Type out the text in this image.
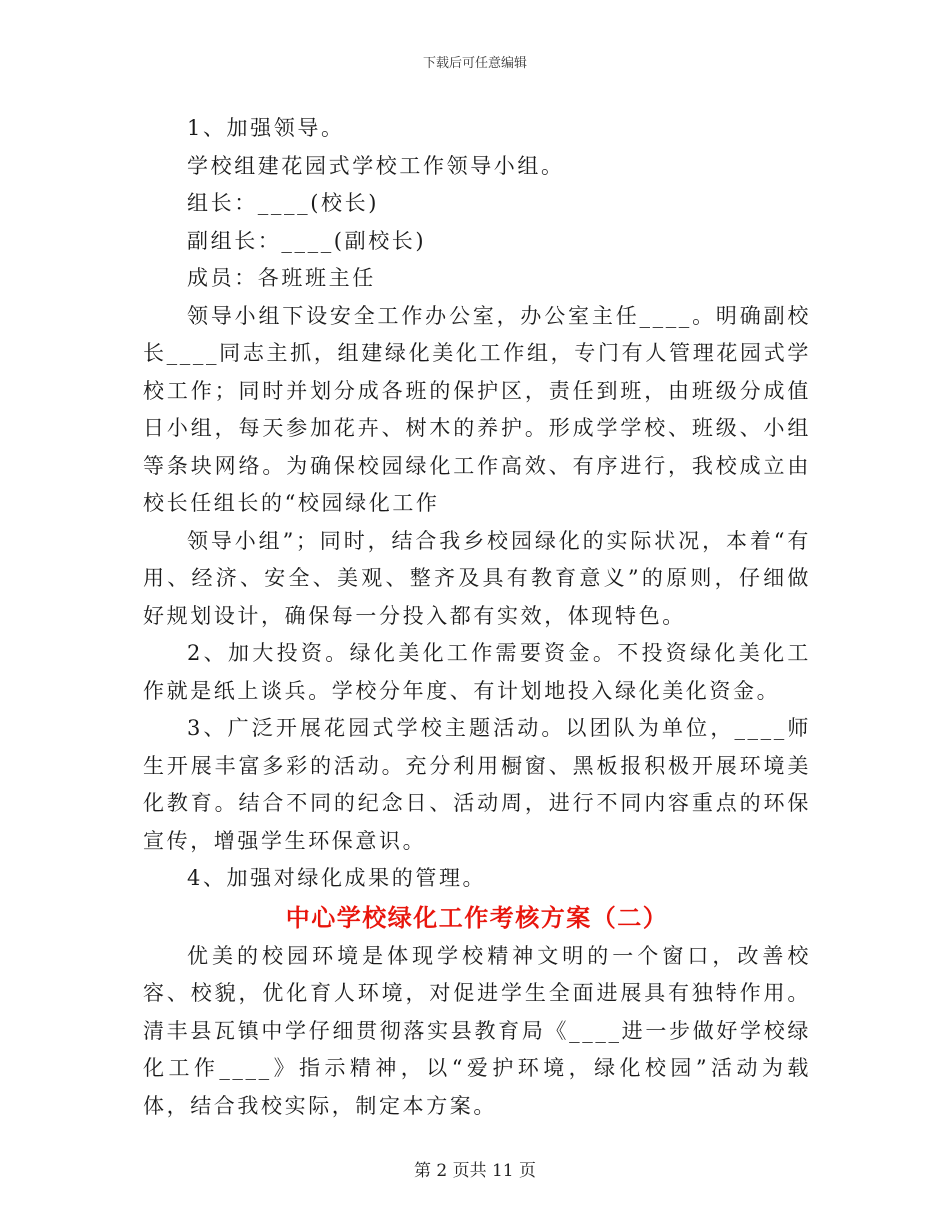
下载后可任意编辑

1、加强领导。

学校组建花园式学校工作领导小组。

组长：____(校长)

副组长：____(副校长)

成员：各班班主任

领导小组下设安全工作办公室，办公室主任____。明确副校长____同志主抓，组建绿化美化工作组，专门有人管理花园式学校工作；同时并划分成各班的保护区，责任到班，由班级分成值日小组，每天参加花卉、树木的养护。形成学学校、班级、小组等条块网络。为确保校园绿化工作高效、有序进行，我校成立由校长任组长的“校园绿化工作

领导小组”；同时，结合我乡校园绿化的实际状况，本着“有用、经济、安全、美观、整齐及具有教育意义”的原则，仔细做好规划设计，确保每一分投入都有实效，体现特色。

2、加大投资。绿化美化工作需要资金。不投资绿化美化工作就是纸上谈兵。学校分年度、有计划地投入绿化美化资金。

3、广泛开展花园式学校主题活动。以团队为单位，____师生开展丰富多彩的活动。充分利用橱窗、黑板报积极开展环境美化教育。结合不同的纪念日、活动周，进行不同内容重点的环保宣传，增强学生环保意识。

4、加强对绿化成果的管理。

中心学校绿化工作考核方案（二）

优美的校园环境是体现学校精神文明的一个窗口，改善校容、校貌，优化育人环境，对促进学生全面进展具有独特作用。清丰县瓦镇中学仔细贯彻落实县教育局《____进一步做好学校绿化工作____》指示精神，以“爱护环境，绿化校园”活动为载体，结合我校实际，制定本方案。

第 2 页共 11 页
